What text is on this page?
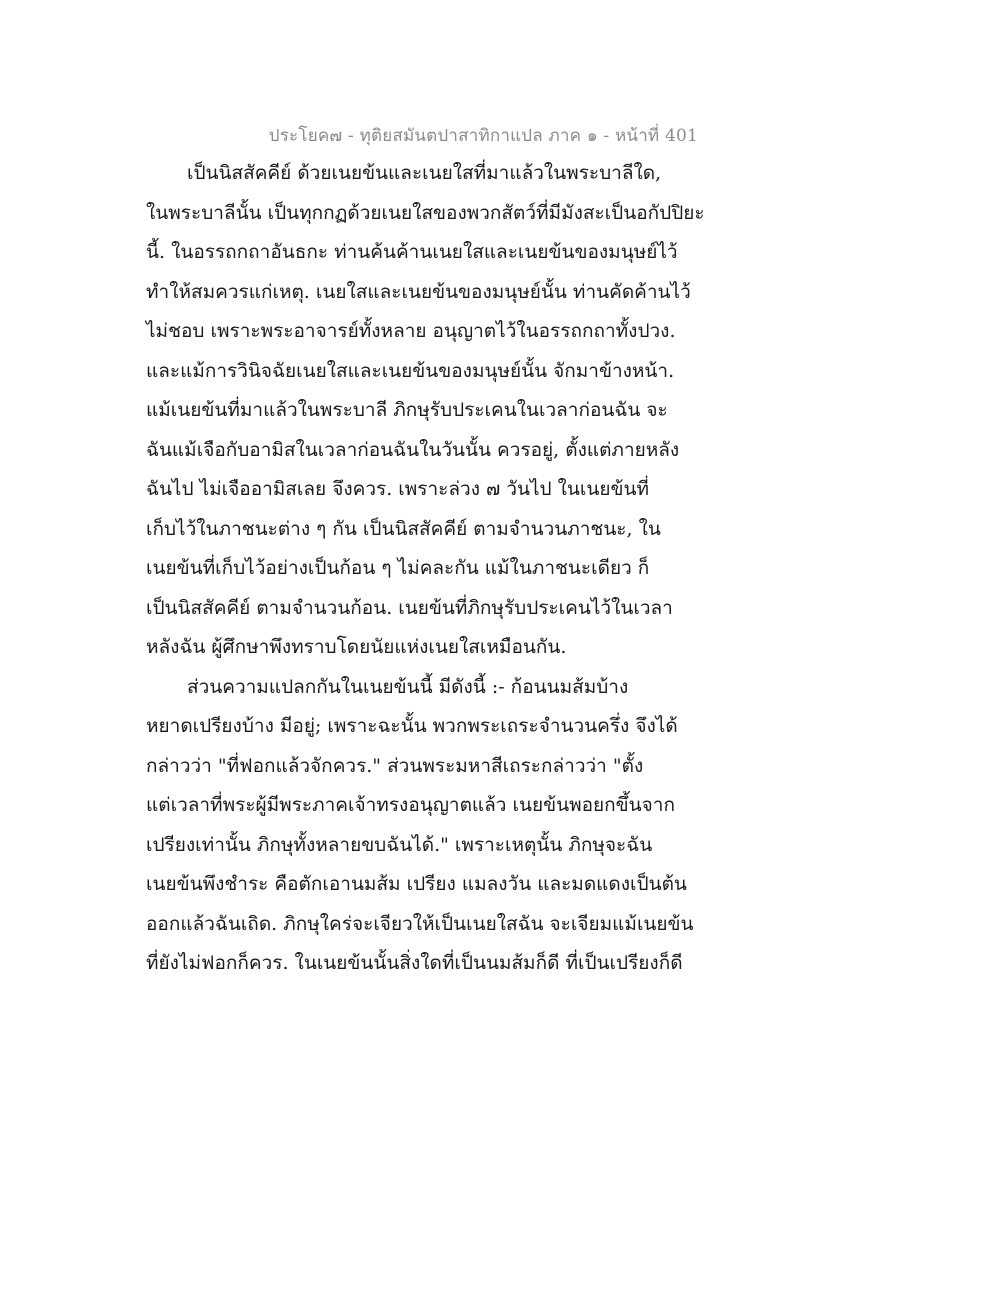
ประโยค๗ - ทุติยสมันตปาสาทิกาแปล ภาค ๑ - หน้าที่ 401
เป็นนิสสัคคีย์ ด้วยเนยข้นและเนยใสที่มาแล้วในพระบาลีใด,
ในพระบาลีนั้น เป็นทุกกฏด้วยเนยใสของพวกสัตว์ที่มีมังสะเป็นอกัปปิยะ
นี้. ในอรรถกถาอันธกะ ท่านค้นค้านเนยใสและเนยข้นของมนุษย์ไว้
ทำให้สมควรแก่เหตุ. เนยใสและเนยข้นของมนุษย์นั้น ท่านคัดค้านไว้
ไม่ชอบ เพราะพระอาจารย์ทั้งหลาย อนุญาตไว้ในอรรถกถาทั้งปวง.
และแม้การวินิจฉัยเนยใสและเนยข้นของมนุษย์นั้น จักมาข้างหน้า.
แม้เนยข้นที่มาแล้วในพระบาลี ภิกษุรับประเคนในเวลาก่อนฉัน จะ
ฉันแม้เจือกับอามิสในเวลาก่อนฉันในวันนั้น ควรอยู่, ตั้งแต่ภายหลัง
ฉันไป ไม่เจืออามิสเลย จึงควร. เพราะล่วง ๗ วันไป ในเนยข้นที่
เก็บไว้ในภาชนะต่าง ๆ กัน เป็นนิสสัคคีย์ ตามจำนวนภาชนะ, ใน
เนยข้นที่เก็บไว้อย่างเป็นก้อน ๆ ไม่คละกัน แม้ในภาชนะเดียว ก็
เป็นนิสสัคคีย์ ตามจำนวนก้อน. เนยข้นที่ภิกษุรับประเคนไว้ในเวลา
หลังฉัน ผู้ศึกษาพึงทราบโดยนัยแห่งเนยใสเหมือนกัน.
ส่วนความแปลกกันในเนยข้นนี้ มีดังนี้ :- ก้อนนมส้มบ้าง
หยาดเปรียงบ้าง มีอยู่; เพราะฉะนั้น พวกพระเถระจำนวนครึ่ง จึงได้
กล่าวว่า "ที่ฟอกแล้วจักควร." ส่วนพระมหาสีเถระกล่าวว่า "ตั้ง
แต่เวลาที่พระผู้มีพระภาคเจ้าทรงอนุญาตแล้ว เนยข้นพอยกขึ้นจาก
เปรียงเท่านั้น ภิกษุทั้งหลายขบฉันได้." เพราะเหตุนั้น ภิกษุจะฉัน
เนยข้นพึงชำระ คือตักเอานมส้ม เปรียง แมลงวัน และมดแดงเป็นต้น
ออกแล้วฉันเถิด. ภิกษุใคร่จะเจียวให้เป็นเนยใสฉัน จะเจียมแม้เนยข้น
ที่ยังไม่ฟอกก็ควร. ในเนยข้นนั้นสิ่งใดที่เป็นนมส้มก็ดี ที่เป็นเปรียงก็ดี
